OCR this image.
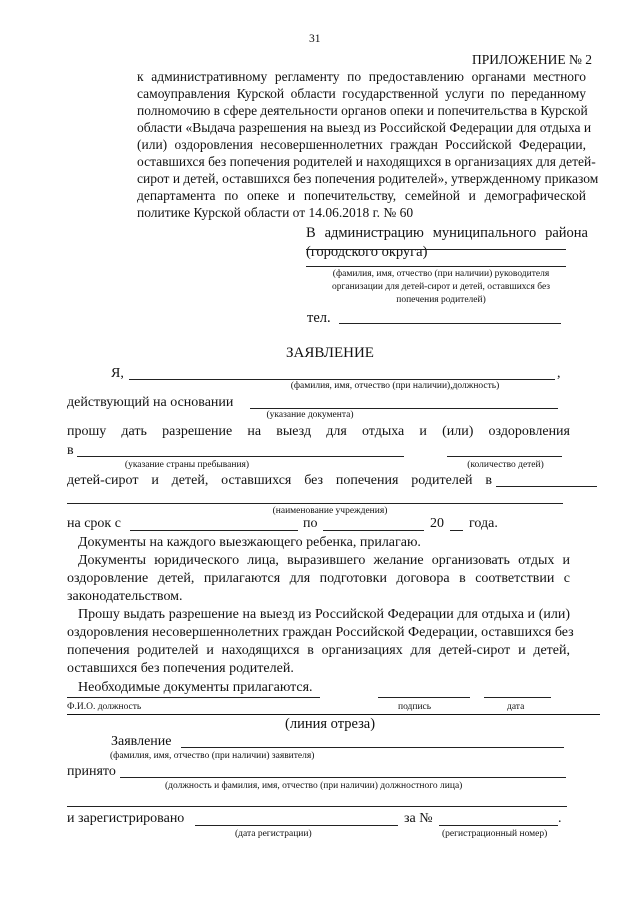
31
ПРИЛОЖЕНИЕ № 2
к административному регламенту по предоставлению органами местного
самоуправления Курской области государственной услуги по переданному
полномочию в сфере деятельности органов опеки и попечительства в Курской
области «Выдача разрешения на выезд из Российской Федерации для отдыха и
(или) оздоровления несовершеннолетних граждан Российской Федерации,
оставшихся без попечения родителей и находящихся в организациях для детей-
сирот и детей, оставшихся без попечения родителей», утвержденному приказом
департамента по опеке и попечительству, семейной и демографической
политике Курской области от 14.06.2018 г. № 60
В администрацию муниципального района
(городского округа)
(фамилия, имя, отчество (при наличии) руководителя
организации для детей-сирот и детей, оставшихся без
попечения родителей)
тел.
ЗАЯВЛЕНИЕ
Я,	,
(фамилия, имя, отчество (при наличии),должность)
действующий на основании
(указание документа)
прошу дать разрешение на выезд для отдыха и (или) оздоровления
в
(указание страны пребывания)	(количество детей)
детей-сирот и детей, оставшихся без попечения родителей в
(наименование учреждения)
на срок с	по	20 года.
Документы на каждого выезжающего ребенка, прилагаю.
Документы юридического лица, выразившего желание организовать отдых и
оздоровление детей, прилагаются для подготовки договора в соответствии с
законодательством.
Прошу выдать разрешение на выезд из Российской Федерации для отдыха и (или)
оздоровления несовершеннолетних граждан Российской Федерации, оставшихся без
попечения родителей и находящихся в организациях для детей-сирот и детей,
оставшихся без попечения родителей.
Необходимые документы прилагаются.
Ф.И.О. должность	подпись	дата
(линия отреза)
Заявление
(фамилия, имя, отчество (при наличии) заявителя)
принято
(должность и фамилия, имя, отчество (при наличии) должностного лица)
и зарегистрировано	за №	.
(дата регистрации)	(регистрационный номер)
